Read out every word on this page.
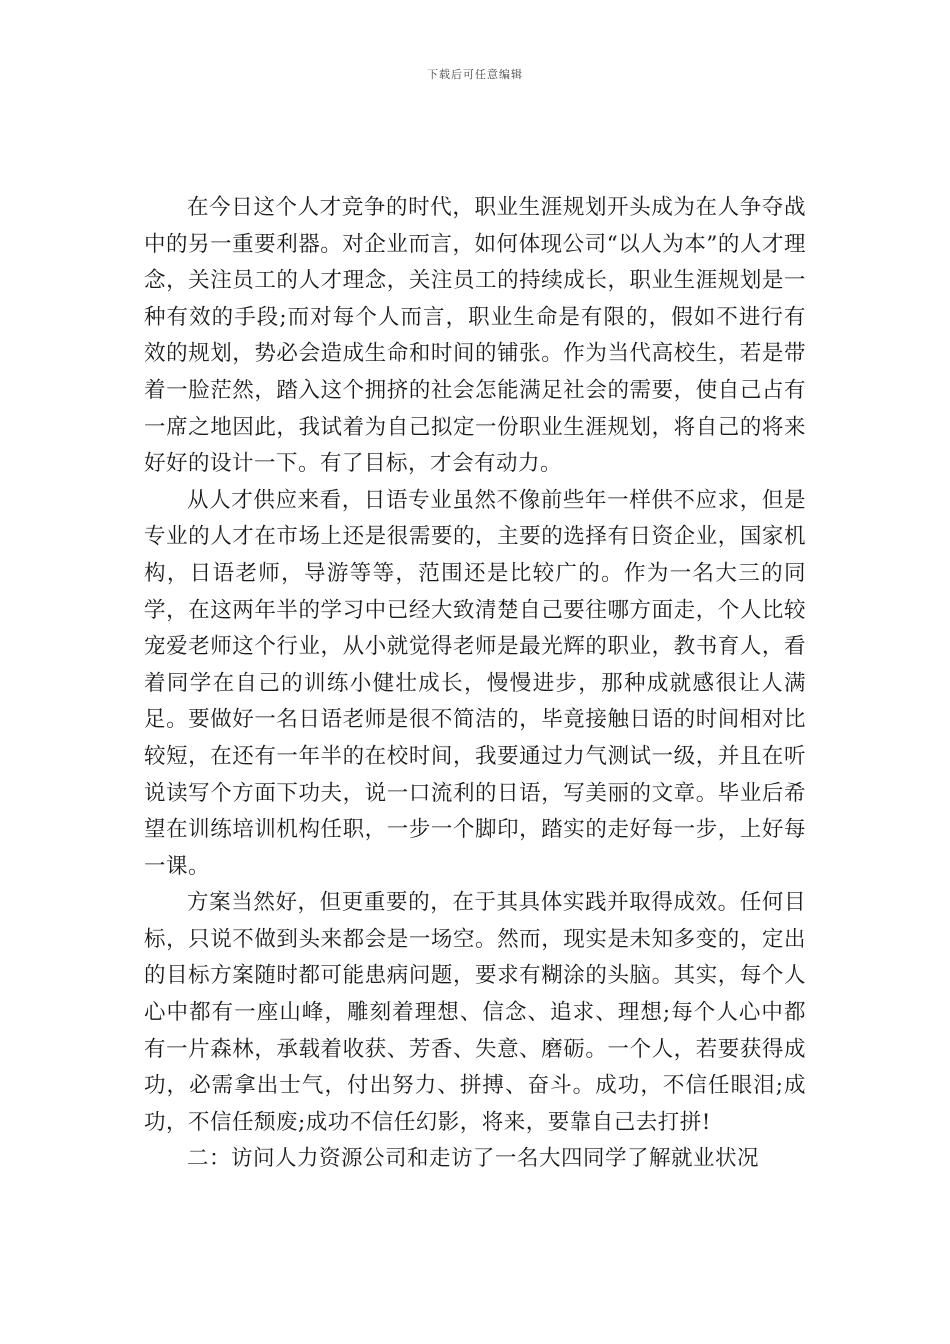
下载后可任意编辑

在今日这个人才竞争的时代，职业生涯规划开头成为在人争夺战中的另一重要利器。对企业而言，如何体现公司“以人为本”的人才理念，关注员工的人才理念，关注员工的持续成长，职业生涯规划是一种有效的手段;而对每个人而言，职业生命是有限的，假如不进行有效的规划，势必会造成生命和时间的铺张。作为当代高校生，若是带着一脸茫然，踏入这个拥挤的社会怎能满足社会的需要，使自己占有一席之地因此，我试着为自己拟定一份职业生涯规划，将自己的将来好好的设计一下。有了目标，才会有动力。

从人才供应来看，日语专业虽然不像前些年一样供不应求，但是专业的人才在市场上还是很需要的，主要的选择有日资企业，国家机构，日语老师，导游等等，范围还是比较广的。作为一名大三的同学，在这两年半的学习中已经大致清楚自己要往哪方面走，个人比较宠爱老师这个行业，从小就觉得老师是最光辉的职业，教书育人，看着同学在自己的训练小健壮成长，慢慢进步，那种成就感很让人满足。要做好一名日语老师是很不简洁的，毕竟接触日语的时间相对比较短，在还有一年半的在校时间，我要通过力气测试一级，并且在听说读写个方面下功夫，说一口流利的日语，写美丽的文章。毕业后希望在训练培训机构任职，一步一个脚印，踏实的走好每一步，上好每一课。

方案当然好，但更重要的，在于其具体实践并取得成效。任何目标，只说不做到头来都会是一场空。然而，现实是未知多变的，定出的目标方案随时都可能患病问题，要求有糊涂的头脑。其实，每个人心中都有一座山峰，雕刻着理想、信念、追求、理想;每个人心中都有一片森林，承载着收获、芳香、失意、磨砺。一个人，若要获得成功，必需拿出士气，付出努力、拼搏、奋斗。成功，不信任眼泪;成功，不信任颓废;成功不信任幻影，将来，要靠自己去打拼!

二：访问人力资源公司和走访了一名大四同学了解就业状况
